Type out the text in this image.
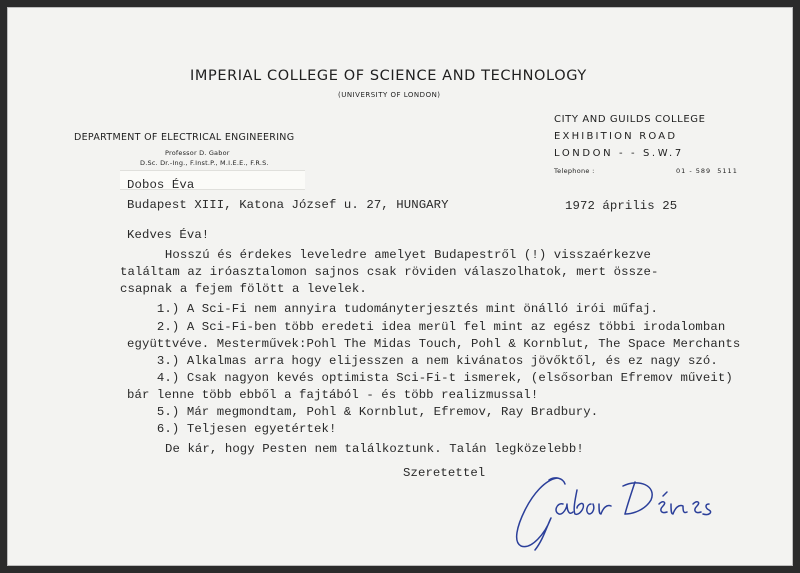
IMPERIAL COLLEGE OF SCIENCE AND TECHNOLOGY
(UNIVERSITY OF LONDON)
DEPARTMENT OF ELECTRICAL ENGINEERING
Professor D. Gabor
D.Sc. Dr.-Ing., F.Inst.P., M.I.E.E., F.R.S.
CITY AND GUILDS COLLEGE
EXHIBITION ROAD
LONDON - - S.W.7
Telephone :	01 - 589  5111
Dobos Éva
Budapest XIII, Katona József u. 27, HUNGARY	1972 április 25
Kedves Éva!
Hosszú és érdekes leveledre amelyet Budapestről (!) visszaérkezve
találtam az iróasztalomon sajnos csak röviden válaszolhatok, mert össze-
csapnak a fejem fölött a levelek.
1.) A Sci-Fi nem annyira tudományterjesztés mint önálló irói műfaj.
2.) A Sci-Fi-ben több eredeti idea merül fel mint az egész többi irodalomban
együttvéve. Mesterművek:Pohl The Midas Touch, Pohl & Kornblut, The Space Merchants
3.) Alkalmas arra hogy elijesszen a nem kivánatos jövőktől, és ez nagy szó.
4.) Csak nagyon kevés optimista Sci-Fi-t ismerek, (elsősorban Efremov műveit)
bár lenne több ebből a fajtából - és több realizmussal!
5.) Már megmondtam, Pohl & Kornblut, Efremov, Ray Bradbury.
6.) Teljesen egyetértek!
De kár, hogy Pesten nem találkoztunk. Talán legközelebb!
Szeretettel
